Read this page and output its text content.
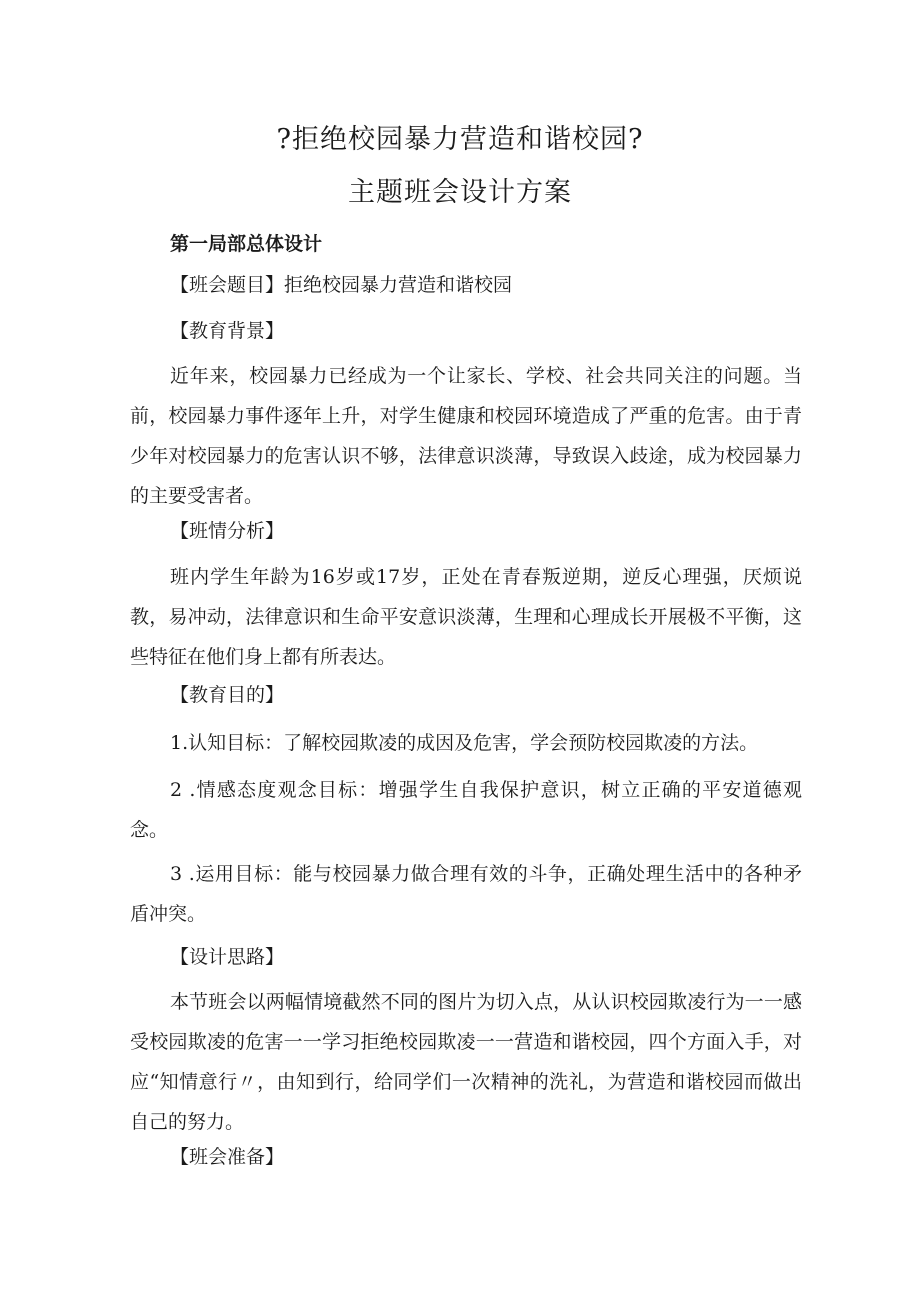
?拒绝校园暴力营造和谐校园?
主题班会设计方案

第一局部总体设计

【班会题目】拒绝校园暴力营造和谐校园

【教育背景】

近年来，校园暴力已经成为一个让家长、学校、社会共同关注的问题。当前，校园暴力事件逐年上升，对学生健康和校园环境造成了严重的危害。由于青少年对校园暴力的危害认识不够，法律意识淡薄，导致误入歧途，成为校园暴力的主要受害者。

【班情分析】

班内学生年龄为16岁或17岁，正处在青春叛逆期，逆反心理强，厌烦说教，易冲动，法律意识和生命平安意识淡薄，生理和心理成长开展极不平衡，这些特征在他们身上都有所表达。

【教育目的】

1.认知目标：了解校园欺凌的成因及危害，学会预防校园欺凌的方法。

2 .情感态度观念目标：增强学生自我保护意识，树立正确的平安道德观念。

3 .运用目标：能与校园暴力做合理有效的斗争，正确处理生活中的各种矛盾冲突。

【设计思路】

本节班会以两幅情境截然不同的图片为切入点，从认识校园欺凌行为一一感受校园欺凌的危害一一学习拒绝校园欺凌一一营造和谐校园，四个方面入手，对应“知情意行〃，由知到行，给同学们一次精神的洗礼，为营造和谐校园而做出自己的努力。

【班会准备】
